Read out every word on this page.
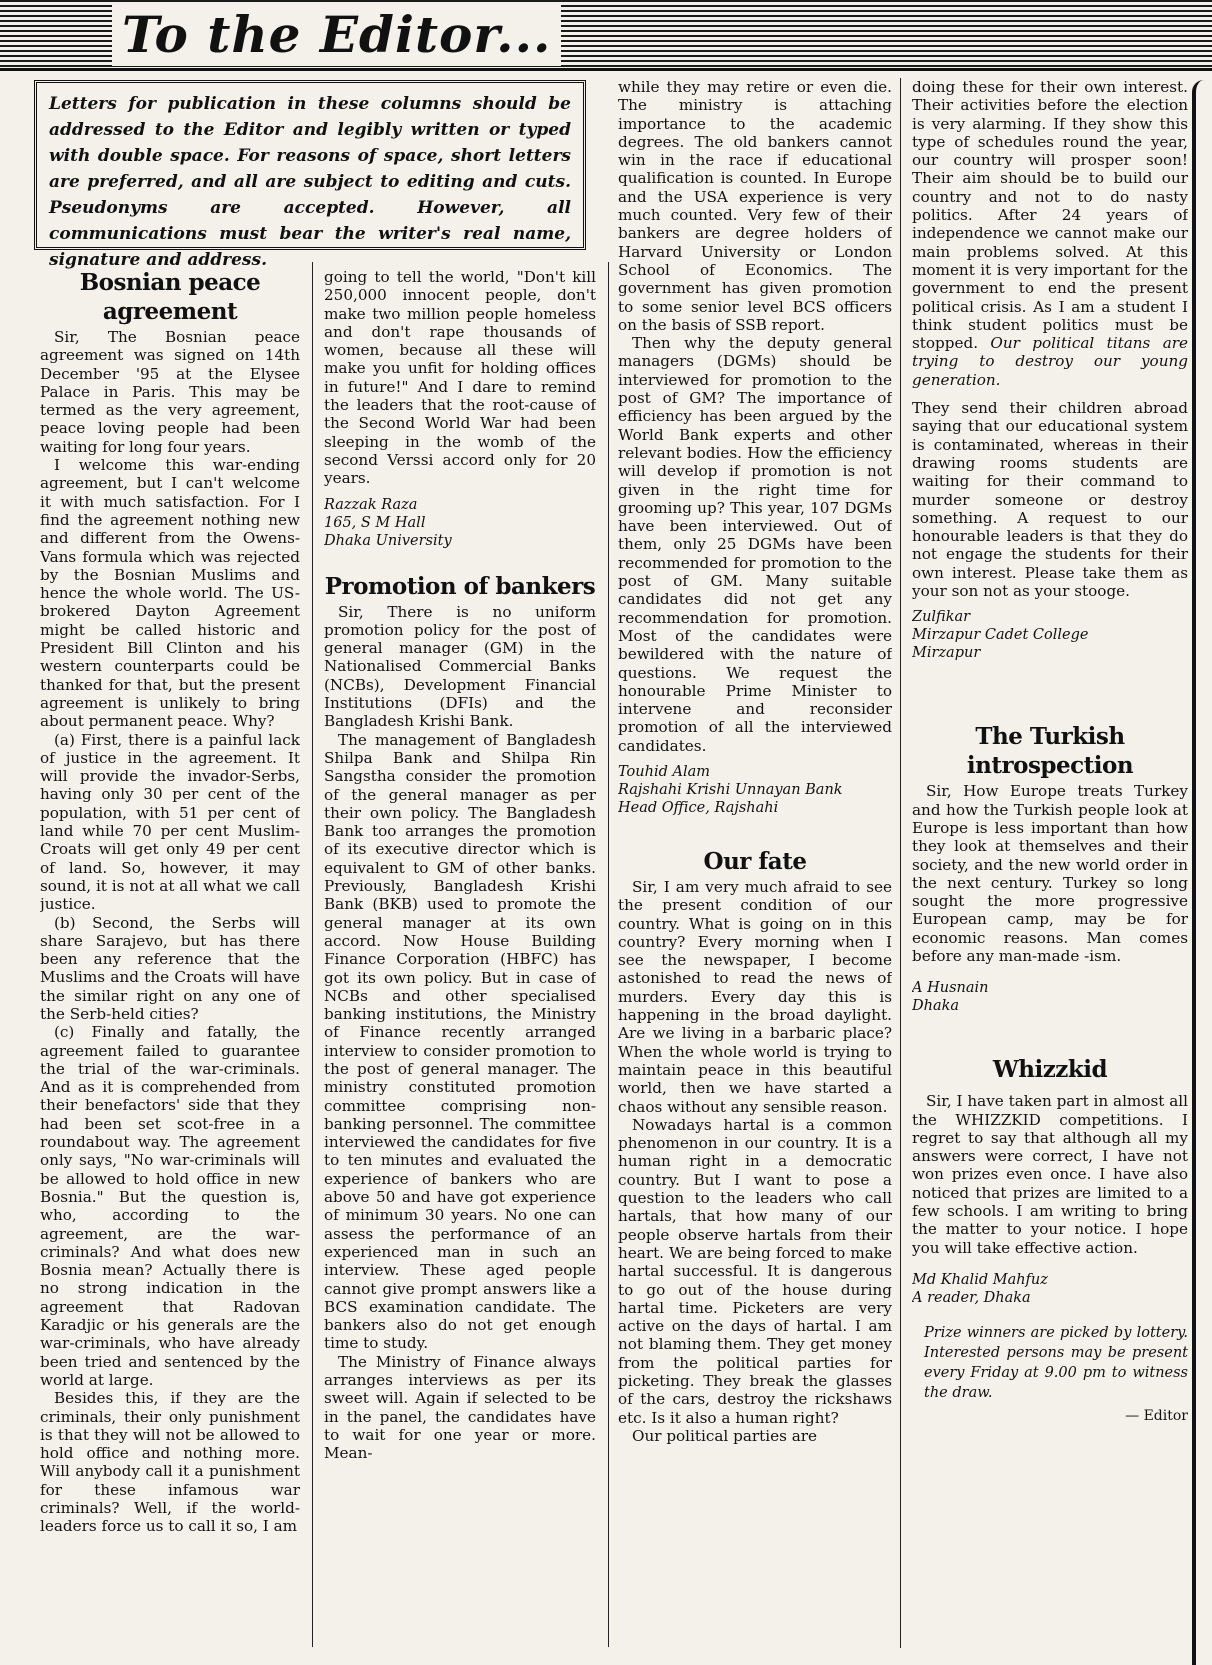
To the Editor...
Letters for publication in these columns should be addressed to the Editor and legibly written or typed with double space. For reasons of space, short letters are preferred, and all are subject to editing and cuts. Pseudonyms are accepted. However, all communications must bear the writer's real name, signature and address.
Bosnian peace agreement

Sir, The Bosnian peace agreement was signed on 14th December '95 at the Elysee Palace in Paris. This may be termed as the very agreement, peace loving people had been waiting for long four years.

I welcome this war-ending agreement, but I can't welcome it with much satisfaction. For I find the agreement nothing new and different from the Owens-Vans formula which was rejected by the Bosnian Muslims and hence the whole world. The US-brokered Dayton Agreement might be called historic and President Bill Clinton and his western counterparts could be thanked for that, but the present agreement is unlikely to bring about permanent peace. Why?

(a) First, there is a painful lack of justice in the agreement. It will provide the invador-Serbs, having only 30 per cent of the population, with 51 per cent of land while 70 per cent Muslim-Croats will get only 49 per cent of land. So, however, it may sound, it is not at all what we call justice.

(b) Second, the Serbs will share Sarajevo, but has there been any reference that the Muslims and the Croats will have the similar right on any one of the Serb-held cities?

(c) Finally and fatally, the agreement failed to guarantee the trial of the war-criminals. And as it is comprehended from their benefactors' side that they had been set scot-free in a roundabout way. The agreement only says, "No war-criminals will be allowed to hold office in new Bosnia." But the question is, who, according to the agreement, are the war-criminals? And what does new Bosnia mean? Actually there is no strong indication in the agreement that Radovan Karadjic or his generals are the war-criminals, who have already been tried and sentenced by the world at large.

Besides this, if they are the criminals, their only punishment is that they will not be allowed to hold office and nothing more. Will anybody call it a punishment for these infamous war criminals? Well, if the world-leaders force us to call it so, I am

going to tell the world, "Don't kill 250,000 innocent people, don't make two million people homeless and don't rape thousands of women, because all these will make you unfit for holding offices in future!" And I dare to remind the leaders that the root-cause of the Second World War had been sleeping in the womb of the second Verssi accord only for 20 years.

Razzak Raza
165, S M Hall
Dhaka University
Promotion of bankers

Sir, There is no uniform promotion policy for the post of general manager (GM) in the Nationalised Commercial Banks (NCBs), Development Financial Institutions (DFIs) and the Bangladesh Krishi Bank.

The management of Bangladesh Shilpa Bank and Shilpa Rin Sangstha consider the promotion of the general manager as per their own policy. The Bangladesh Bank too arranges the promotion of its executive director which is equivalent to GM of other banks. Previously, Bangladesh Krishi Bank (BKB) used to promote the general manager at its own accord. Now House Building Finance Corporation (HBFC) has got its own policy. But in case of NCBs and other specialised banking institutions, the Ministry of Finance recently arranged interview to consider promotion to the post of general manager. The ministry constituted promotion committee comprising non-banking personnel. The committee interviewed the candidates for five to ten minutes and evaluated the experience of bankers who are above 50 and have got experience of minimum 30 years. No one can assess the performance of an experienced man in such an interview. These aged people cannot give prompt answers like a BCS examination candidate. The bankers also do not get enough time to study.

The Ministry of Finance always arranges interviews as per its sweet will. Again if selected to be in the panel, the candidates have to wait for one year or more. Mean-

while they may retire or even die. The ministry is attaching importance to the academic degrees. The old bankers cannot win in the race if educational qualification is counted. In Europe and the USA experience is very much counted. Very few of their bankers are degree holders of Harvard University or London School of Economics. The government has given promotion to some senior level BCS officers on the basis of SSB report.

Then why the deputy general managers (DGMs) should be interviewed for promotion to the post of GM? The importance of efficiency has been argued by the World Bank experts and other relevant bodies. How the efficiency will develop if promotion is not given in the right time for grooming up? This year, 107 DGMs have been interviewed. Out of them, only 25 DGMs have been recommended for promotion to the post of GM. Many suitable candidates did not get any recommendation for promotion. Most of the candidates were bewildered with the nature of questions. We request the honourable Prime Minister to intervene and reconsider promotion of all the interviewed candidates.

Touhid Alam
Rajshahi Krishi Unnayan Bank
Head Office, Rajshahi
Our fate

Sir, I am very much afraid to see the present condition of our country. What is going on in this country? Every morning when I see the newspaper, I become astonished to read the news of murders. Every day this is happening in the broad daylight. Are we living in a barbaric place? When the whole world is trying to maintain peace in this beautiful world, then we have started a chaos without any sensible reason.

Nowadays hartal is a common phenomenon in our country. It is a human right in a democratic country. But I want to pose a question to the leaders who call hartals, that how many of our people observe hartals from their heart. We are being forced to make hartal successful. It is dangerous to go out of the house during hartal time. Picketers are very active on the days of hartal. I am not blaming them. They get money from the political parties for picketing. They break the glasses of the cars, destroy the rickshaws etc. Is it also a human right?

Our political parties are

doing these for their own interest. Their activities before the election is very alarming. If they show this type of schedules round the year, our country will prosper soon! Their aim should be to build our country and not to do nasty politics. After 24 years of independence we cannot make our main problems solved. At this moment it is very important for the government to end the present political crisis. As I am a student I think student politics must be stopped. Our political titans are trying to destroy our young generation.

They send their children abroad saying that our educational system is contaminated, whereas in their drawing rooms students are waiting for their command to murder someone or destroy something. A request to our honourable leaders is that they do not engage the students for their own interest. Please take them as your son not as your stooge.

Zulfikar
Mirzapur Cadet College
Mirzapur
The Turkish introspection

Sir, How Europe treats Turkey and how the Turkish people look at Europe is less important than how they look at themselves and their society, and the new world order in the next century. Turkey so long sought the more progressive European camp, may be for economic reasons. Man comes before any man-made -ism.

A Husnain
Dhaka
Whizzkid

Sir, I have taken part in almost all the WHIZZKID competitions. I regret to say that although all my answers were correct, I have not won prizes even once. I have also noticed that prizes are limited to a few schools. I am writing to bring the matter to your notice. I hope you will take effective action.

Md Khalid Mahfuz
A reader, Dhaka
Prize winners are picked by lottery. Interested persons may be present every Friday at 9.00 pm to witness the draw.
— Editor
